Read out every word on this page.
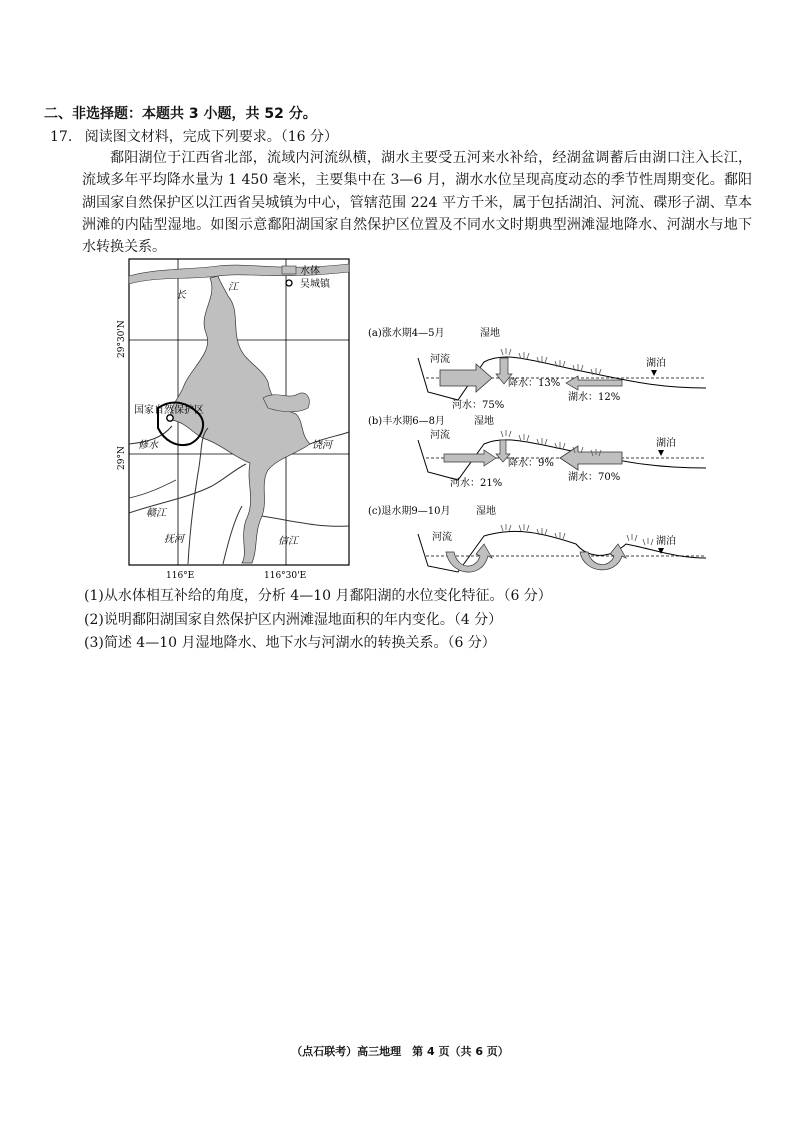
二、非选择题：本题共 3 小题，共 52 分。
17. 阅读图文材料，完成下列要求。（16 分）

鄱阳湖位于江西省北部，流域内河流纵横，湖水主要受五河来水补给，经湖盆调蓄后由湖口注入长江，流域多年平均降水量为 1 450 毫米，主要集中在 3—6 月，湖水水位呈现高度动态的季节性周期变化。鄱阳湖国家自然保护区以江西省吴城镇为中心，管辖范围 224 平方千米，属于包括湖泊、河流、碟形子湖、草本洲滩的内陆型湿地。如图示意鄱阳湖国家自然保护区位置及不同水文时期典型洲滩湿地降水、河湖水与地下水转换关系。

水体
吴城镇
长
江
国家自然保护区
修水
赣江
抚河
饶河
信江
29°30'N
29°N
116°E	116°30'E
(a)涨水期4—5月	湿地
湖泊
河流
河水：75%
降水：13%
湖水：12%
(b)丰水期6—8月	湿地
湖泊
河流
河水：21%
降水：9%
湖水：70%
(c)退水期9—10月	湿地
湖泊
河流
(1)从水体相互补给的角度，分析 4—10 月鄱阳湖的水位变化特征。（6 分）
(2)说明鄱阳湖国家自然保护区内洲滩湿地面积的年内变化。（4 分）
(3)简述 4—10 月湿地降水、地下水与河湖水的转换关系。（6 分）
（点石联考）高三地理　第 4 页（共 6 页）
